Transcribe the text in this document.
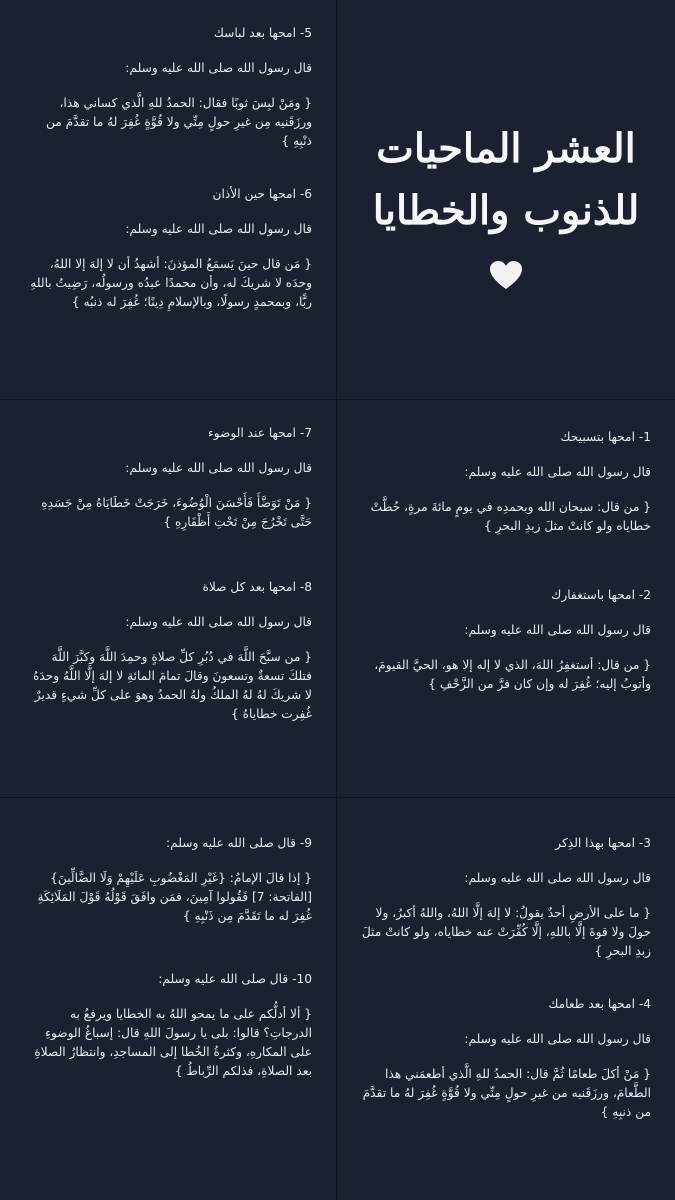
5- امحها بعد لباسك

قال رسول الله صلى الله عليه وسلم:

{ ومَنْ لبِسَ ثوبًا فقال: الحمدُ للهِ الَّذي كساني هذا، ورزَقَنيه مِن غيرِ حولٍ مِنِّي ولا قُوَّةٍ غُفِرَ لهُ ما تقدَّمَ من ذنْبِهِ }

6- امحها حين الأذان

قال رسول الله صلى الله عليه وسلم:

{ مَن قال حينَ يَسمَعُ المؤذنَ: أشهدُ أن لا إلهَ إلا اللهُ، وحدَه لا شريكَ له، وأن محمدًا عبدُه ورسولُه، رَضِيتُ باللهِ ربًّا، وبمحمدٍ رسولًا، وبالإسلامِ دِينًا؛ غُفِرَ له ذنبُه }

العشر الماحيات

للذنوب والخطايا

7- امحها عند الوضوء

قال رسول الله صلى الله عليه وسلم:

{ مَنْ تَوَضَّأَ فَأَحْسَنَ الْوُضُوءَ، خَرَجَتْ خَطَايَاهُ مِنْ جَسَدِهِ حَتَّى تَخْرُجَ مِنْ تَحْتِ أَظْفَارِهِ }

8- امحها بعد كل صلاة

قال رسول الله صلى الله عليه وسلم:

{ من سبَّحَ اللَّهَ في دُبُرِ كلِّ صلاةٍ وحمِدَ اللَّهَ وكبَّرَ اللَّهَ فتلكَ تسعةٌ وتسعونَ وقالَ تمامَ المائةِ لا إلهَ إلَّا اللَّهُ وحدَهُ لا شريكَ لهُ لهُ الملكُ ولهُ الحمدُ وهوَ على كلِّ شيءٍ قديرٌ غُفِرت خطاياهُ }

1- امحها بتسبيحك

قال رسول الله صلى الله عليه وسلم:

{ من قال: سبحان الله وبحمدِه في يومٍ مائةَ مرةٍ، حُطَّتْ خطاياه ولو كانتْ مثلَ زبدِ البحرِ }

2- امحها باستغفارك

قال رسول الله صلى الله عليه وسلم:

{ من قال: أستغفِرُ اللهَ، الذي لا إله إلا هو، الحيَّ القيومَ، وأتوبُ إليه؛ غُفِرَ له وإن كان فرَّ من الزَّحْفِ }

9- قال صلى الله عليه وسلم:

{ إذا قالَ الإمامُ: {غَيْرِ المَغْضُوبِ عَلَيْهِمْ وَلَا الضَّالِّينَ} [الفاتحة: 7] فَقُولوا آمِينَ، فمَن وافَقَ قَوْلُهُ قَوْلَ المَلَائِكَةِ غُفِرَ له ما تَقَدَّمَ مِن ذَنْبِهِ }

10- قال صلى الله عليه وسلم:

{ ألا أدلُّكم على ما يمحو اللهُ به الخطايا ويرفعُ به الدرجاتِ؟ قالوا: بلى يا رسولَ اللهِ قال: إسباغُ الوضوءِ على المكارهِ، وكثرةُ الخُطا إلى المساجدِ، وانتظارُ الصلاةِ بعد الصلاةِ، فذلكم الرِّباطُ }

3- امحها بهذا الذِكر

قال رسول الله صلى الله عليه وسلم:

{ ما على الأرضِ أحدٌ يقولُ: لا إلهَ إلَّا اللهُ، واللهُ أكبرُ، ولا حولَ ولا قوةَ إلَّا باللهِ، إلَّا كُفِّرَتْ عنه خطاياه، ولو كانتْ مثلَ زبدِ البحرِ }

4- امحها بعد طعامك

قال رسول الله صلى الله عليه وسلم:

{ مَنْ أكلَ طعامًا ثُمَّ قال: الحمدُ للهِ الَّذي أطعمَني هذا الطَّعامَ، ورزَقَنيه من غيرِ حولٍ مِنِّي ولا قُوَّةٍ غُفِرَ لهُ ما تقدَّمَ من ذنبِهِ }
